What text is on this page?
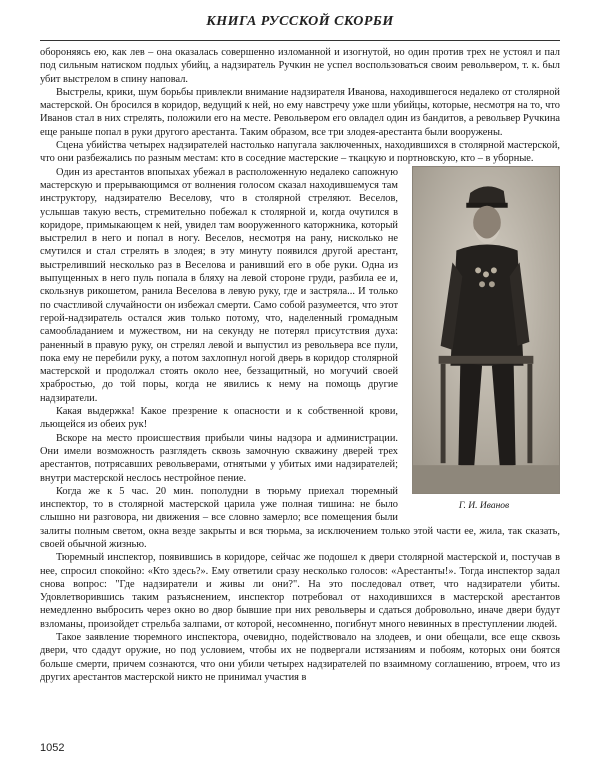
КНИГА РУССКОЙ СКОРБИ

обороняясь ею, как лев – она оказалась совершенно изломанной и изогнутой, но один против трех не устоял и пал под сильным натиском подлых убийц, а надзиратель Ручкин не успел воспользоваться своим револьвером, т. к. был убит выстрелом в спину наповал.

Выстрелы, крики, шум борьбы привлекли внимание надзирателя Иванова, находившегося недалеко от столярной мастерской. Он бросился в коридор, ведущий к ней, но ему навстречу уже шли убийцы, которые, несмотря на то, что Иванов стал в них стрелять, положили его на месте. Револьвером его овладел один из бандитов, а револьвер Ручкина еще раньше попал в руки другого арестанта. Таким образом, все три злодея-арестанта были вооружены.

Сцена убийства четырех надзирателей настолько напугала заключенных, находившихся в столярной мастерской, что они разбежались по разным местам: кто в соседние мастерские – ткацкую и портновскую, кто – в уборные.

Г. И. Иванов

Один из арестантов впопыхах убежал в расположенную недалеко сапожную мастерскую и прерывающимся от волнения голосом сказал находившемуся там инструктору, надзирателю Веселову, что в столярной стреляют. Веселов, услышав такую весть, стремительно побежал к столярной и, когда очутился в коридоре, примыкающем к ней, увидел там вооруженного каторжника, который выстрелил в него и попал в ногу. Веселов, несмотря на рану, нисколько не смутился и стал стрелять в злодея; в эту минуту появился другой арестант, выстреливший несколько раз в Веселова и ранивший его в обе руки. Одна из выпущенных в него пуль попала в бляху на левой стороне груди, разбила ее и, скользнув рикошетом, ранила Веселова в левую руку, где и застряла... И только по счастливой случайности он избежал смерти. Само собой разумеется, что этот герой-надзиратель остался жив только потому, что, наделенный громадным самообладанием и мужеством, ни на секунду не потерял присутствия духа: раненный в правую руку, он стрелял левой и выпустил из револьвера все пули, пока ему не перебили руку, а потом захлопнул ногой дверь в коридор столярной мастерской и продолжал стоять около нее, беззащитный, но могучий своей храбростью, до той поры, когда не явились к нему на помощь другие надзиратели.

Какая выдержка! Какое презрение к опасности и к собственной крови, льющейся из обеих рук!

Вскоре на место происшествия прибыли чины надзора и администрации. Они имели возможность разглядеть сквозь замочную скважину дверей трех арестантов, потрясавших револьверами, отнятыми у убитых ими надзирателей; внутри мастерской неслось нестройное пение.

Когда же к 5 час. 20 мин. пополудни в тюрьму приехал тюремный инспектор, то в столярной мастерской царила уже полная тишина: не было слышно ни разговора, ни движения – все словно замерло; все помещения были залиты полным светом, окна везде закрыты и вся тюрьма, за исключением только этой части ее, жила, так сказать, своей обычной жизнью.

Тюремный инспектор, появившись в коридоре, сейчас же подошел к двери столярной мастерской и, постучав в нее, спросил спокойно: «Кто здесь?». Ему ответили сразу несколько голосов: «Арестанты!». Тогда инспектор задал снова вопрос: "Где надзиратели и живы ли они?". На это последовал ответ, что надзиратели убиты. Удовлетворившись таким разъяснением, инспектор потребовал от находившихся в мастерской арестантов немедленно выбросить через окно во двор бывшие при них револьверы и сдаться добровольно, иначе двери будут взломаны, произойдет стрельба залпами, от которой, несомненно, погибнут много невинных в преступлении людей.

Такое заявление тюремного инспектора, очевидно, подействовало на злодеев, и они обещали, все еще сквозь двери, что сдадут оружие, но под условием, чтобы их не подвергали истязаниям и побоям, которых они боятся больше смерти, причем сознаются, что они убили четырех надзирателей по взаимному соглашению, втроем, что из других арестантов мастерской никто не принимал участия в

1052
